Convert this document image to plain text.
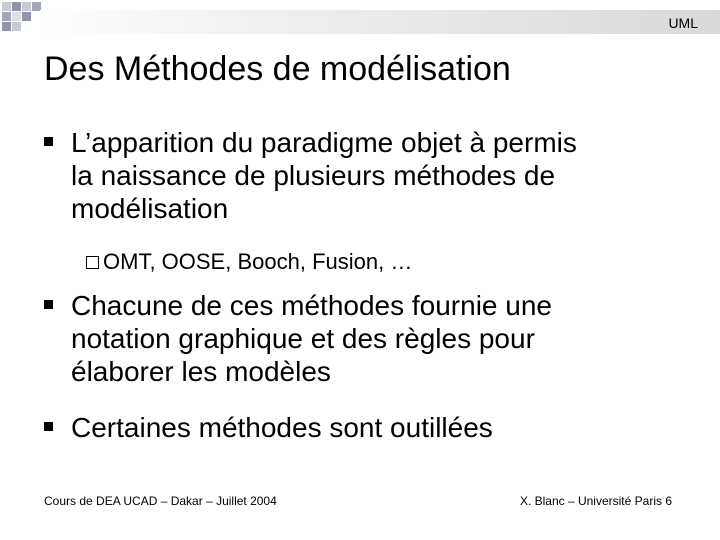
UML
Des Méthodes de modélisation
L’apparition du paradigme objet à permis
la naissance de plusieurs méthodes de
modélisation
OMT, OOSE, Booch, Fusion, …
Chacune de ces méthodes fournie une
notation graphique et des règles pour
élaborer les modèles
Certaines méthodes sont outillées
Cours de DEA UCAD – Dakar – Juillet 2004	X. Blanc – Université Paris 6
